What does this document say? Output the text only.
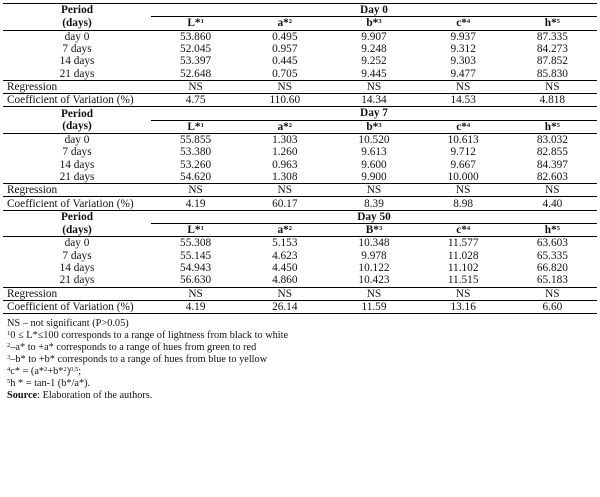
Period	Day 0				
(days)	L*$^1$	a*$^2$	b*$^3$	c*$^4$	h*$^5$
day 0	53.860	0.495	9.907	9.937	87.335
7 days	52.045	0.957	9.248	9.312	84.273
14 days	53.397	0.445	9.252	9.303	87.852
21 days	52.648	0.705	9.445	9.477	85.830
Regression	NS	NS	NS	NS	NS
Coefficient of Variation (%)	4.75	110.60	14.34	14.53	4.818
Period	Day 7				
(days)	L*$^1$	a*$^2$	b*$^3$	c*$^4$	h*$^5$
day 0	55.855	1.303	10.520	10.613	83.032
7 days	53.380	1.260	9.613	9.712	82.855
14 days	53.260	0.963	9.600	9.667	84.397
21 days	54.620	1.308	9.900	10.000	82.603
Regression	NS	NS	NS	NS	NS
Coefficient of Variation (%)	4.19	60.17	8.39	8.98	4.40
Period	Day 50				
(days)	L*$^1$	a*$^2$	B*$^3$	c*$^4$	h*$^5$
day 0	55.308	5.153	10.348	11.577	63.603
7 days	55.145	4.623	9.978	11.028	65.335
14 days	54.943	4.450	10.122	11.102	66.820
21 days	56.630	4.860	10.423	11.515	65.183
Regression	NS	NS	NS	NS	NS
Coefficient of Variation (%)	4.19	26.14	11.59	13.16	6.60
NS – not significant (P>0.05)
$^1$0 ≤ L*≤100 corresponds to a range of lightness from black to white
$^2$–a* to +a* corresponds to a range of hues from green to red
$^3$–b* to +b* corresponds to a range of hues from blue to yellow
$^4c* = (a*^2+b*^2)^{0,5}$;
$^5$h * = tan-1 (b*/a*).
Source: Elaboration of the authors.
